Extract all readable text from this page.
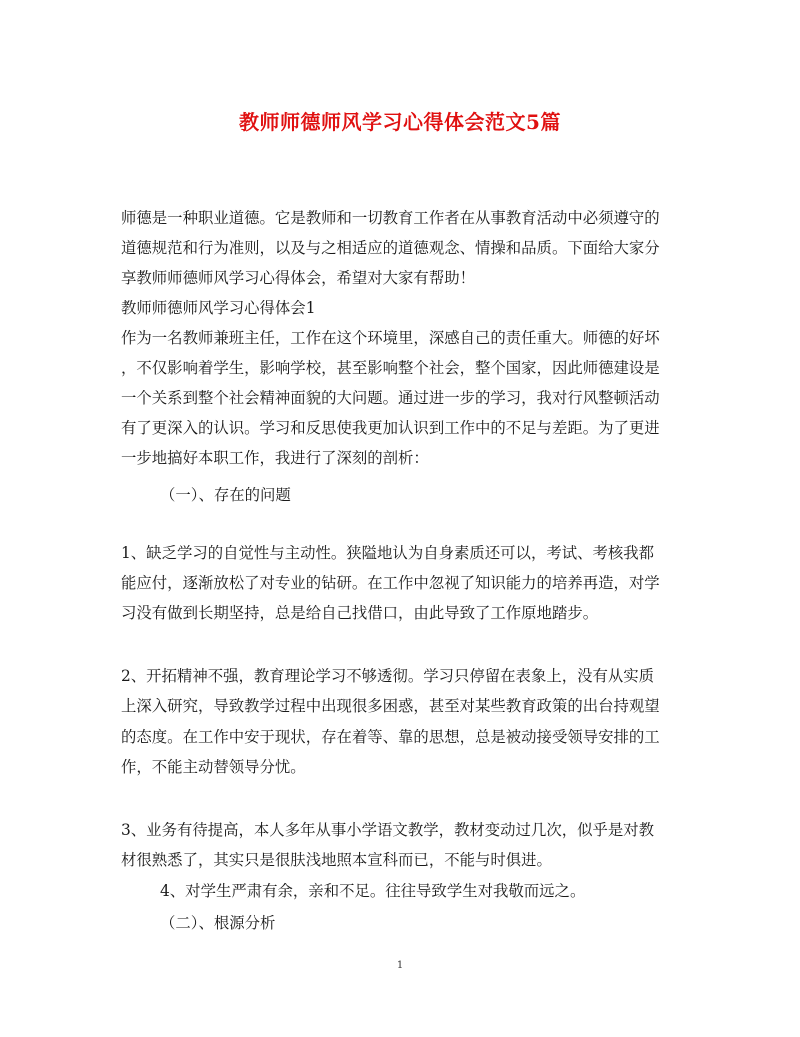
教师师德师风学习心得体会范文5篇
师德是一种职业道德。它是教师和一切教育工作者在从事教育活动中必须遵守的
道德规范和行为准则，以及与之相适应的道德观念、情操和品质。下面给大家分
享教师师德师风学习心得体会，希望对大家有帮助！
教师师德师风学习心得体会1
作为一名教师兼班主任，工作在这个环境里，深感自己的责任重大。师德的好坏
，不仅影响着学生，影响学校，甚至影响整个社会，整个国家，因此师德建设是
一个关系到整个社会精神面貌的大问题。通过进一步的学习，我对行风整顿活动
有了更深入的认识。学习和反思使我更加认识到工作中的不足与差距。为了更进
一步地搞好本职工作，我进行了深刻的剖析：
（一）、存在的问题
1、缺乏学习的自觉性与主动性。狭隘地认为自身素质还可以，考试、考核我都
能应付，逐渐放松了对专业的钻研。在工作中忽视了知识能力的培养再造，对学
习没有做到长期坚持，总是给自己找借口，由此导致了工作原地踏步。
2、开拓精神不强，教育理论学习不够透彻。学习只停留在表象上，没有从实质
上深入研究，导致教学过程中出现很多困惑，甚至对某些教育政策的出台持观望
的态度。在工作中安于现状，存在着等、靠的思想，总是被动接受领导安排的工
作，不能主动替领导分忧。
3、业务有待提高，本人多年从事小学语文教学，教材变动过几次，似乎是对教
材很熟悉了，其实只是很肤浅地照本宣科而已，不能与时俱进。
4、对学生严肃有余，亲和不足。往往导致学生对我敬而远之。
（二）、根源分析
1
